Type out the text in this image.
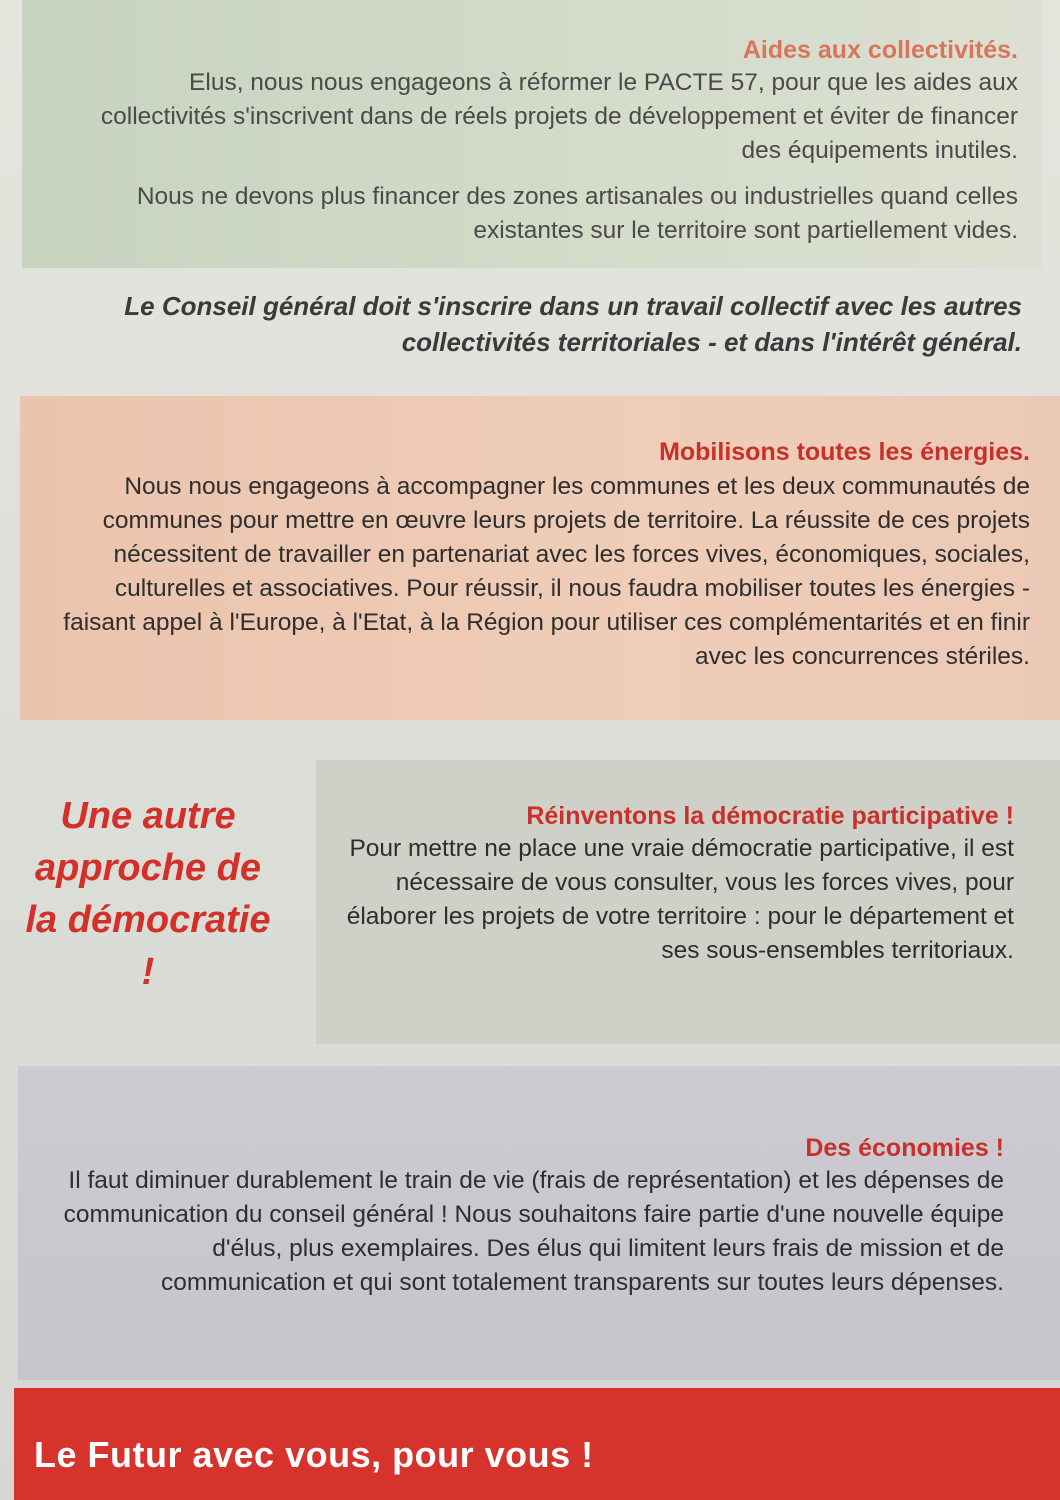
Aides aux collectivités.

Elus, nous nous engageons à réformer le PACTE 57, pour que les aides aux collectivités s'inscrivent dans de réels projets de développement et éviter de financer des équipements inutiles.

Nous ne devons plus financer des zones artisanales ou industrielles quand celles existantes sur le territoire sont partiellement vides.

Le Conseil général doit s'inscrire dans un travail collectif avec les autres collectivités territoriales - et dans l'intérêt général.

Mobilisons toutes les énergies.

Nous nous engageons à accompagner les communes et les deux communautés de communes pour mettre en œuvre leurs projets de territoire. La réussite de ces projets nécessitent de travailler en partenariat avec les forces vives, économiques, sociales, culturelles et associatives. Pour réussir, il nous faudra mobiliser toutes les énergies - faisant appel à l'Europe, à l'Etat, à la Région pour utiliser ces complémentarités et en finir avec les concurrences stériles.

Une autre approche de la démocratie !

Réinventons la démocratie participative !

Pour mettre ne place une vraie démocratie participative, il est nécessaire de vous consulter, vous les forces vives, pour élaborer les projets de votre territoire : pour le département et ses sous-ensembles territoriaux.

Des économies !

Il faut diminuer durablement le train de vie (frais de représentation) et les dépenses de communication du conseil général ! Nous souhaitons faire partie d'une nouvelle équipe d'élus, plus exemplaires. Des élus qui limitent leurs frais de mission et de communication et qui sont totalement transparents sur toutes leurs dépenses.

Le Futur avec vous, pour vous !
